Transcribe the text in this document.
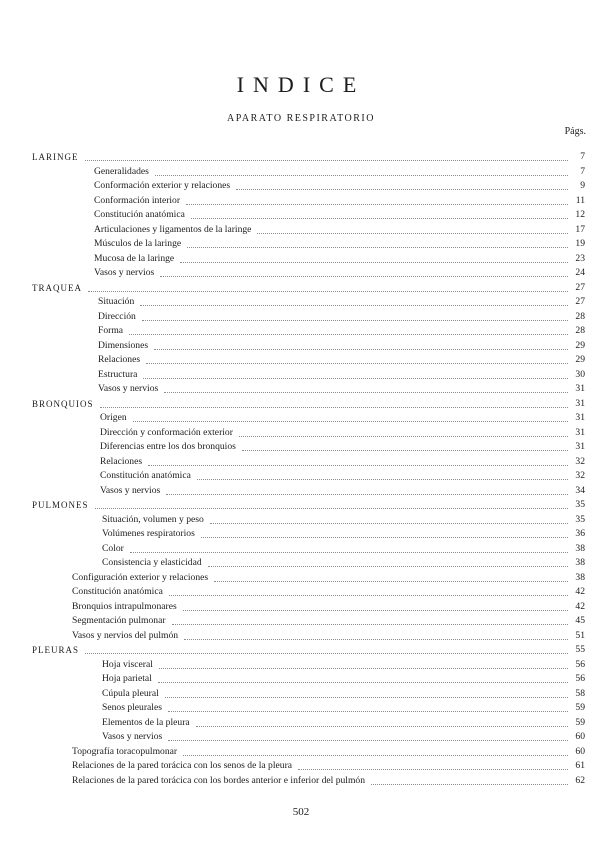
INDICE
APARATO RESPIRATORIO
Págs.
LARINGE	7
Generalidades	7
Conformación exterior y relaciones	9
Conformación interior	11
Constitución anatómica	12
Articulaciones y ligamentos de la laringe	17
Músculos de la laringe	19
Mucosa de la laringe	23
Vasos y nervios	24
TRAQUEA	27
Situación	27
Dirección	28
Forma	28
Dimensiones	29
Relaciones	29
Estructura	30
Vasos y nervios	31
BRONQUIOS	31
Origen	31
Dirección y conformación exterior	31
Diferencias entre los dos bronquios	31
Relaciones	32
Constitución anatómica	32
Vasos y nervios	34
PULMONES	35
Situación, volumen y peso	35
Volúmenes respiratorios	36
Color	38
Consistencia y elasticidad	38
Configuración exterior y relaciones	38
Constitución anatómica	42
Bronquios intrapulmonares	42
Segmentación pulmonar	45
Vasos y nervios del pulmón	51
PLEURAS	55
Hoja visceral	56
Hoja parietal	56
Cúpula pleural	58
Senos pleurales	59
Elementos de la pleura	59
Vasos y nervios	60
Topografía toracopulmonar	60
Relaciones de la pared torácica con los senos de la pleura	61
Relaciones de la pared torácica con los bordes anterior e inferior del pulmón	62
502
